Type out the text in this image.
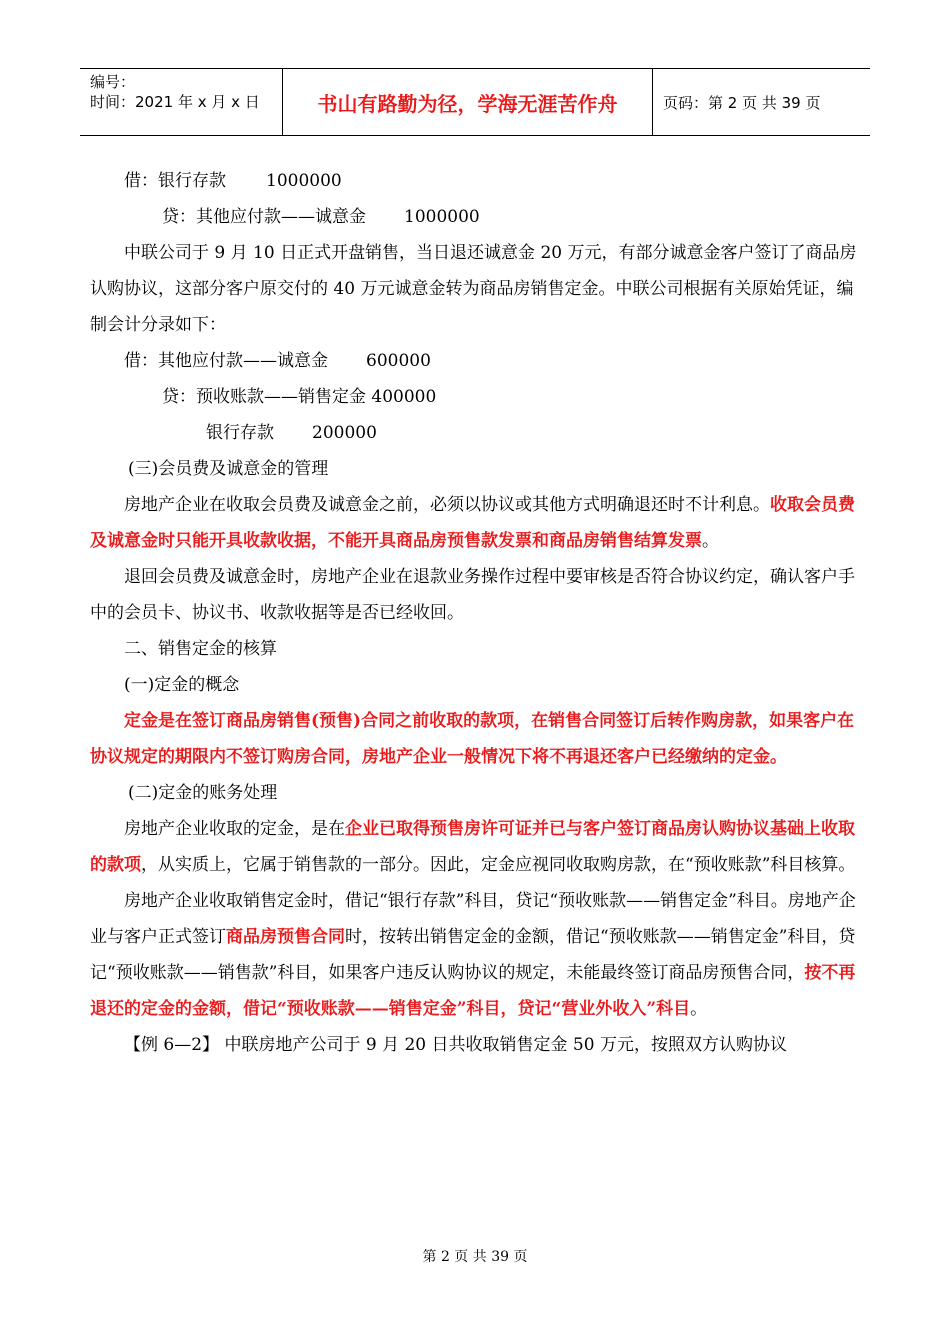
编号：
时间：2021 年 x 月 x 日	书山有路勤为径，学海无涯苦作舟	页码：第 2 页 共 39 页

借：银行存款 1000000

贷：其他应付款——诚意金 1000000

中联公司于 9 月 10 日正式开盘销售，当日退还诚意金 20 万元，有部分诚意金客户签订了商品房认购协议，这部分客户原交付的 40 万元诚意金转为商品房销售定金。中联公司根据有关原始凭证，编制会计分录如下：

借：其他应付款——诚意金 600000

贷：预收账款——销售定金 400000

银行存款 200000

(三)会员费及诚意金的管理

房地产企业在收取会员费及诚意金之前，必须以协议或其他方式明确退还时不计利息。收取会员费及诚意金时只能开具收款收据，不能开具商品房预售款发票和商品房销售结算发票。

退回会员费及诚意金时，房地产企业在退款业务操作过程中要审核是否符合协议约定，确认客户手中的会员卡、协议书、收款收据等是否已经收回。

二、销售定金的核算

(一)定金的概念

定金是在签订商品房销售(预售)合同之前收取的款项，在销售合同签订后转作购房款，如果客户在协议规定的期限内不签订购房合同，房地产企业一般情况下将不再退还客户已经缴纳的定金。

(二)定金的账务处理

房地产企业收取的定金，是在企业已取得预售房许可证并已与客户签订商品房认购协议基础上收取的款项，从实质上，它属于销售款的一部分。因此，定金应视同收取购房款，在“预收账款”科目核算。

房地产企业收取销售定金时，借记“银行存款”科目，贷记“预收账款——销售定金”科目。房地产企业与客户正式签订商品房预售合同时，按转出销售定金的金额，借记“预收账款——销售定金”科目，贷记“预收账款——销售款”科目，如果客户违反认购协议的规定，未能最终签订商品房预售合同，按不再退还的定金的金额，借记“预收账款——销售定金”科目，贷记“营业外收入”科目。

【例 6—2】 中联房地产公司于 9 月 20 日共收取销售定金 50 万元，按照双方认购协议

第 2 页 共 39 页
